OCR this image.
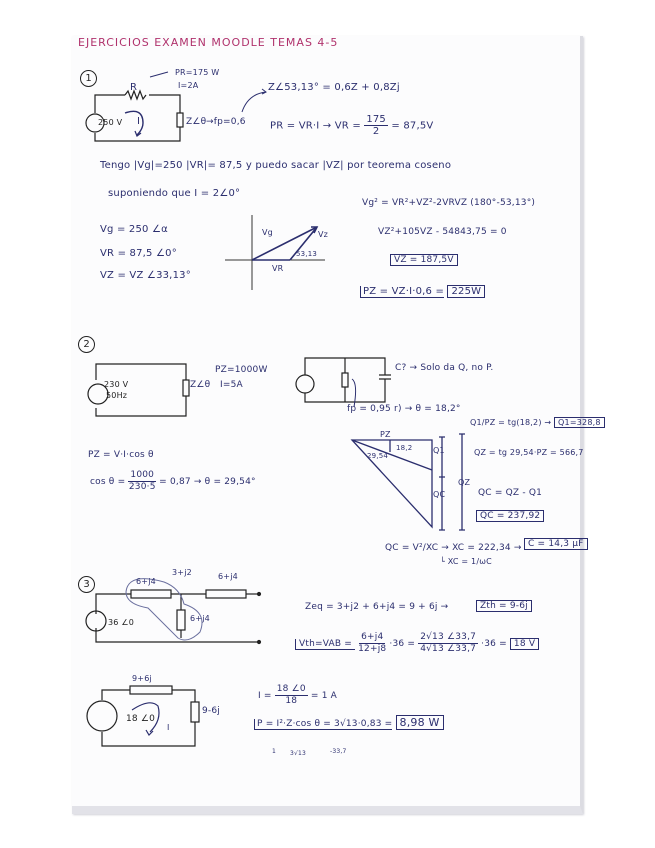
EJERCICIOS EXAMEN MOODLE TEMAS 4-5
1
R
250 V I	Z∠θ →fp=0,6
PR=175 W
I=2A	Z∠53,13° = 0,6Z + 0,8Zj
PR = VR·I → VR = $\frac{175}{2} = 87,5V$
Tengo |Vg|=250 |VR|= 87,5 y puedo sacar |VZ| por teorema coseno
suponiendo que I = 2∠0°
Vg = 250 ∠α
VR = 87,5 ∠0°
VZ = VZ ∠33,13°
Vg	Vz
VR
53,13
Vg² = VR²+VZ²-2VRVZ (180°-53,13°)
VZ²+105VZ - 54843,75 = 0
VZ = 187,5V
PZ = VZ·I·0,6 = 225W
2
230 V
50Hz
Z∠θ
PZ=1000W
I=5A
C? → Solo da Q, no P.
fp = 0,95 r) → θ = 18,2°
PZ = V·I·cos θ
$\cos \theta = \frac{1000}{230\cdot 5} = 0,87 \to \theta = 29,54^\circ$
PZ
18,2
29,54
Q1
QC
QZ
Q1/PZ = tg(18,2) → Q1=328,8
QZ = tg 29,54·PZ = 566,7
QC = QZ - Q1
QC = 237,92
QC = V²/XC → XC = 222,34 → C = 14,3 μF
└ XC = 1/ωC
3	6+j4
3+j2	6+j4
6+j4
36 ∠0
Zeq = 3+j2 + 6+j4 = 9 + 6j →	Zth = 9-6j
$Vth=VAB = \frac{6+j4}{12+j8} \cdot 36 = \frac{2√13 \angle 33,7}{4√13 \angle 33,7} \cdot 36 = 18$ V
9+6j
9-6j
18 ∠0
I
$I = \frac{18 \angle 0}{18} = 1$ A
P = I²·Z·cos θ = 3√13·0,83 = 8,98 W
1 3√13	-33,7
